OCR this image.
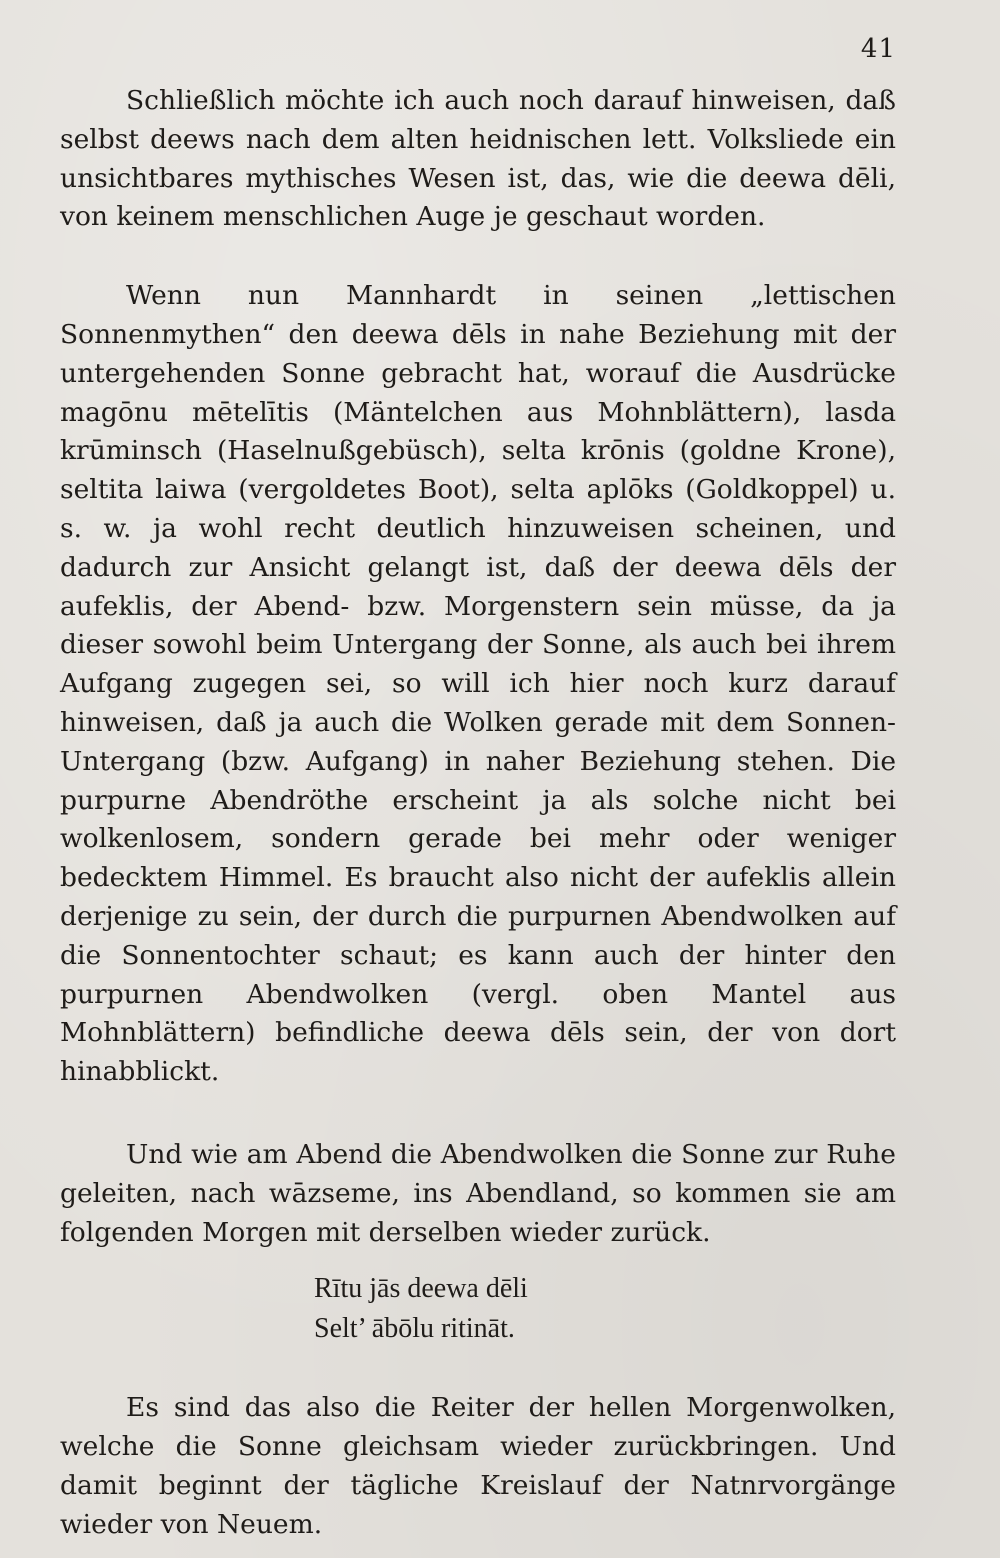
41

Schließlich möchte ich auch noch darauf hinweisen, daß selbst deews nach dem alten heidnischen lett. Volksliede ein unsichtbares mythisches Wesen ist, das, wie die deewa dēli, von keinem menschlichen Auge je geschaut worden.

Wenn nun Mannhardt in seinen „lettischen Sonnenmythen“ den deewa dēls in nahe Beziehung mit der untergehenden Sonne gebracht hat, worauf die Ausdrücke magōnu mētelītis (Mäntelchen aus Mohnblättern), lasda krūminsch (Haselnußgebüsch), selta krōnis (goldne Krone), seltita laiwa (vergoldetes Boot), selta aplōks (Goldkoppel) u. s. w. ja wohl recht deutlich hinzuweisen scheinen, und dadurch zur Ansicht gelangt ist, daß der deewa dēls der aufeklis, der Abend- bzw. Morgenstern sein müsse, da ja dieser sowohl beim Untergang der Sonne, als auch bei ihrem Aufgang zugegen sei, so will ich hier noch kurz darauf hinweisen, daß ja auch die Wolken gerade mit dem Sonnen-Untergang (bzw. Aufgang) in naher Beziehung stehen. Die purpurne Abendröthe erscheint ja als solche nicht bei wolkenlosem, sondern gerade bei mehr oder weniger bedecktem Himmel. Es braucht also nicht der aufeklis allein derjenige zu sein, der durch die purpurnen Abendwolken auf die Sonnentochter schaut; es kann auch der hinter den purpurnen Abendwolken (vergl. oben Mantel aus Mohnblättern) befindliche deewa dēls sein, der von dort hinabblickt.

Und wie am Abend die Abendwolken die Sonne zur Ruhe geleiten, nach wāzseme, ins Abendland, so kommen sie am folgenden Morgen mit derselben wieder zurück.

Rītu jās deewa dēli
Selt’ ābōlu ritināt.

Es sind das also die Reiter der hellen Morgenwolken, welche die Sonne gleichsam wieder zurückbringen. Und damit beginnt der tägliche Kreislauf der Natnrvorgänge wieder von Neuem.
